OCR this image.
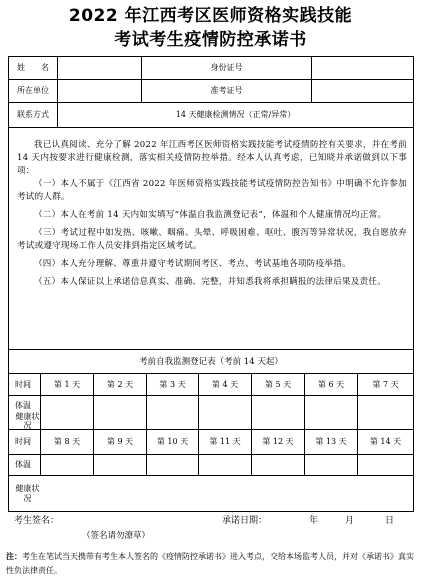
2022 年江西考区医师资格实践技能
考试考生疫情防控承诺书
姓　　名	身份证号
所在单位	准考证号
联系方式	14 天健康检测情况（正常/异常）

我已认真阅读、充分了解 2022 年江西考区医师资格实践技能考试疫情防控有关要求，并在考前 14 天内按要求进行健康检测，落实相关疫情防控举措。经本人认真考虑，已知晓并承诺做到以下事项：

（一）本人不属于《江西省 2022 年医师资格实践技能考试疫情防控告知书》中明确不允许参加考试的人群。

（二）本人在考前 14 天内如实填写“体温自我监测登记表”，体温和个人健康情况均正常。

（三）考试过程中如发热、咳嗽、咽痛、头晕、呼吸困难、呕吐、腹泻等异常状况，我自愿放弃考试或遵守现场工作人员安排到指定区域考试。

（四）本人充分理解、尊重并遵守考试期间考区、考点、考试基地各项防疫举措。

（五）本人保证以上承诺信息真实、准确、完整，并知悉我将承担瞒报的法律后果及责任。

考前自我监测登记表（考前 14 天起）
时间	第 1 天	第 2 天	第 3 天	第 4 天	第 5 天	第 6 天	第 7 天
体温
健康状况
时间	第 8 天	第 9 天	第 10 天	第 11 天	第 12 天	第 13 天	第 14 天
体温
健康状况
考生签名：
（签名请勿潦草）
承诺日期：	年	月	日
注：考生在笔试当天携带有考生本人签名的《疫情防控承诺书》进入考点，交给本场监考人员，并对《承诺书》真实性负法律责任。
